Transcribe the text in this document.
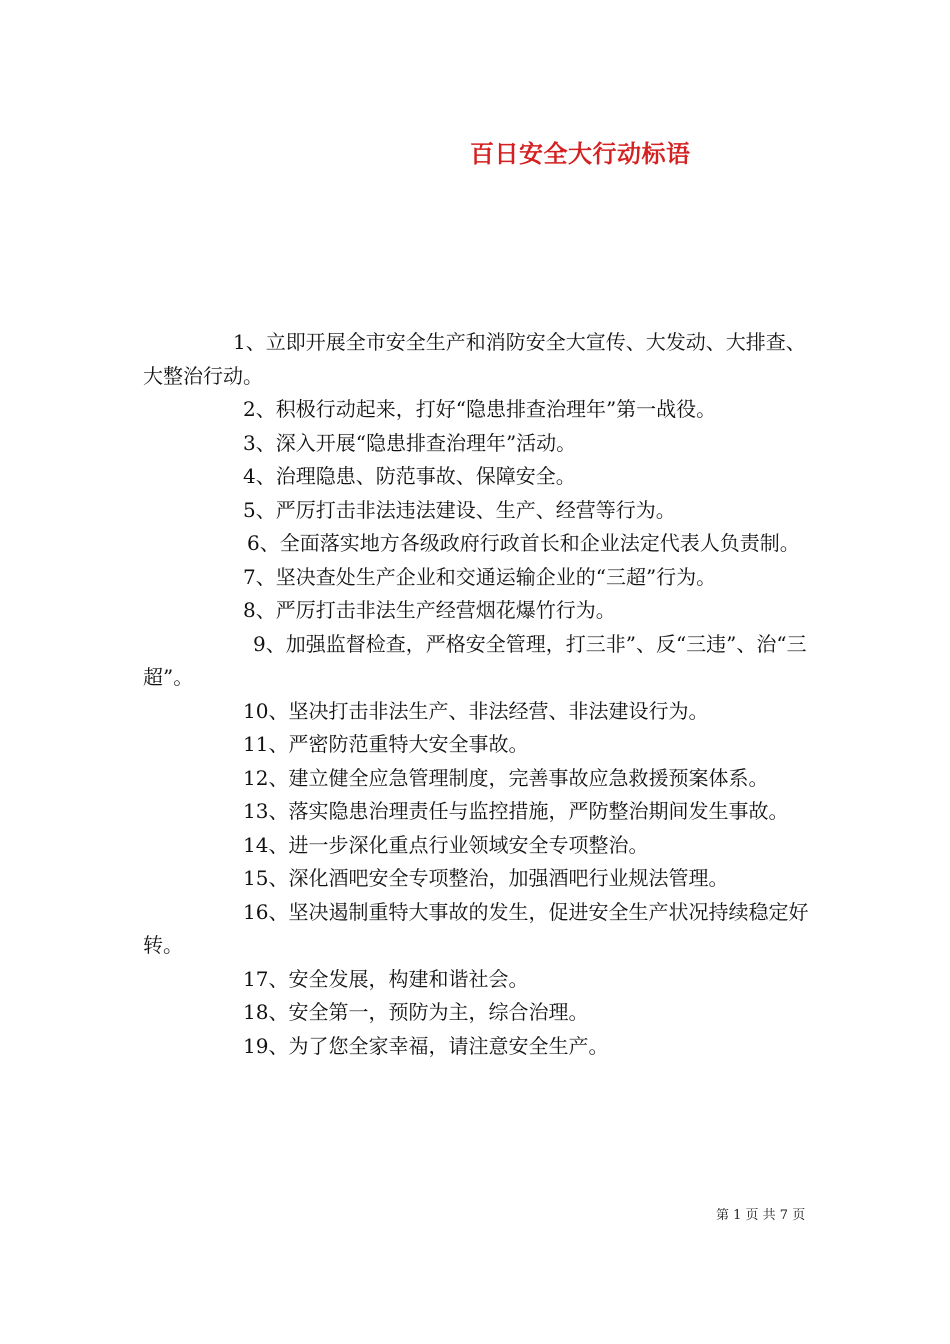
百日安全大行动标语

1、立即开展全市安全生产和消防安全大宣传、大发动、大排查、大整治行动。

2、积极行动起来，打好“隐患排查治理年”第一战役。

3、深入开展“隐患排查治理年”活动。

4、治理隐患、防范事故、保障安全。

5、严厉打击非法违法建设、生产、经营等行为。

6、全面落实地方各级政府行政首长和企业法定代表人负责制。

7、坚决查处生产企业和交通运输企业的“三超”行为。

8、严厉打击非法生产经营烟花爆竹行为。

9、加强监督检查，严格安全管理，打三非”、反“三违”、治“三超”。

10、坚决打击非法生产、非法经营、非法建设行为。

11、严密防范重特大安全事故。

12、建立健全应急管理制度，完善事故应急救援预案体系。

13、落实隐患治理责任与监控措施，严防整治期间发生事故。

14、进一步深化重点行业领域安全专项整治。

15、深化酒吧安全专项整治，加强酒吧行业规法管理。

16、坚决遏制重特大事故的发生，促进安全生产状况持续稳定好转。

17、安全发展，构建和谐社会。

18、安全第一，预防为主，综合治理。

19、为了您全家幸福，请注意安全生产。

第 1 页 共 7 页
